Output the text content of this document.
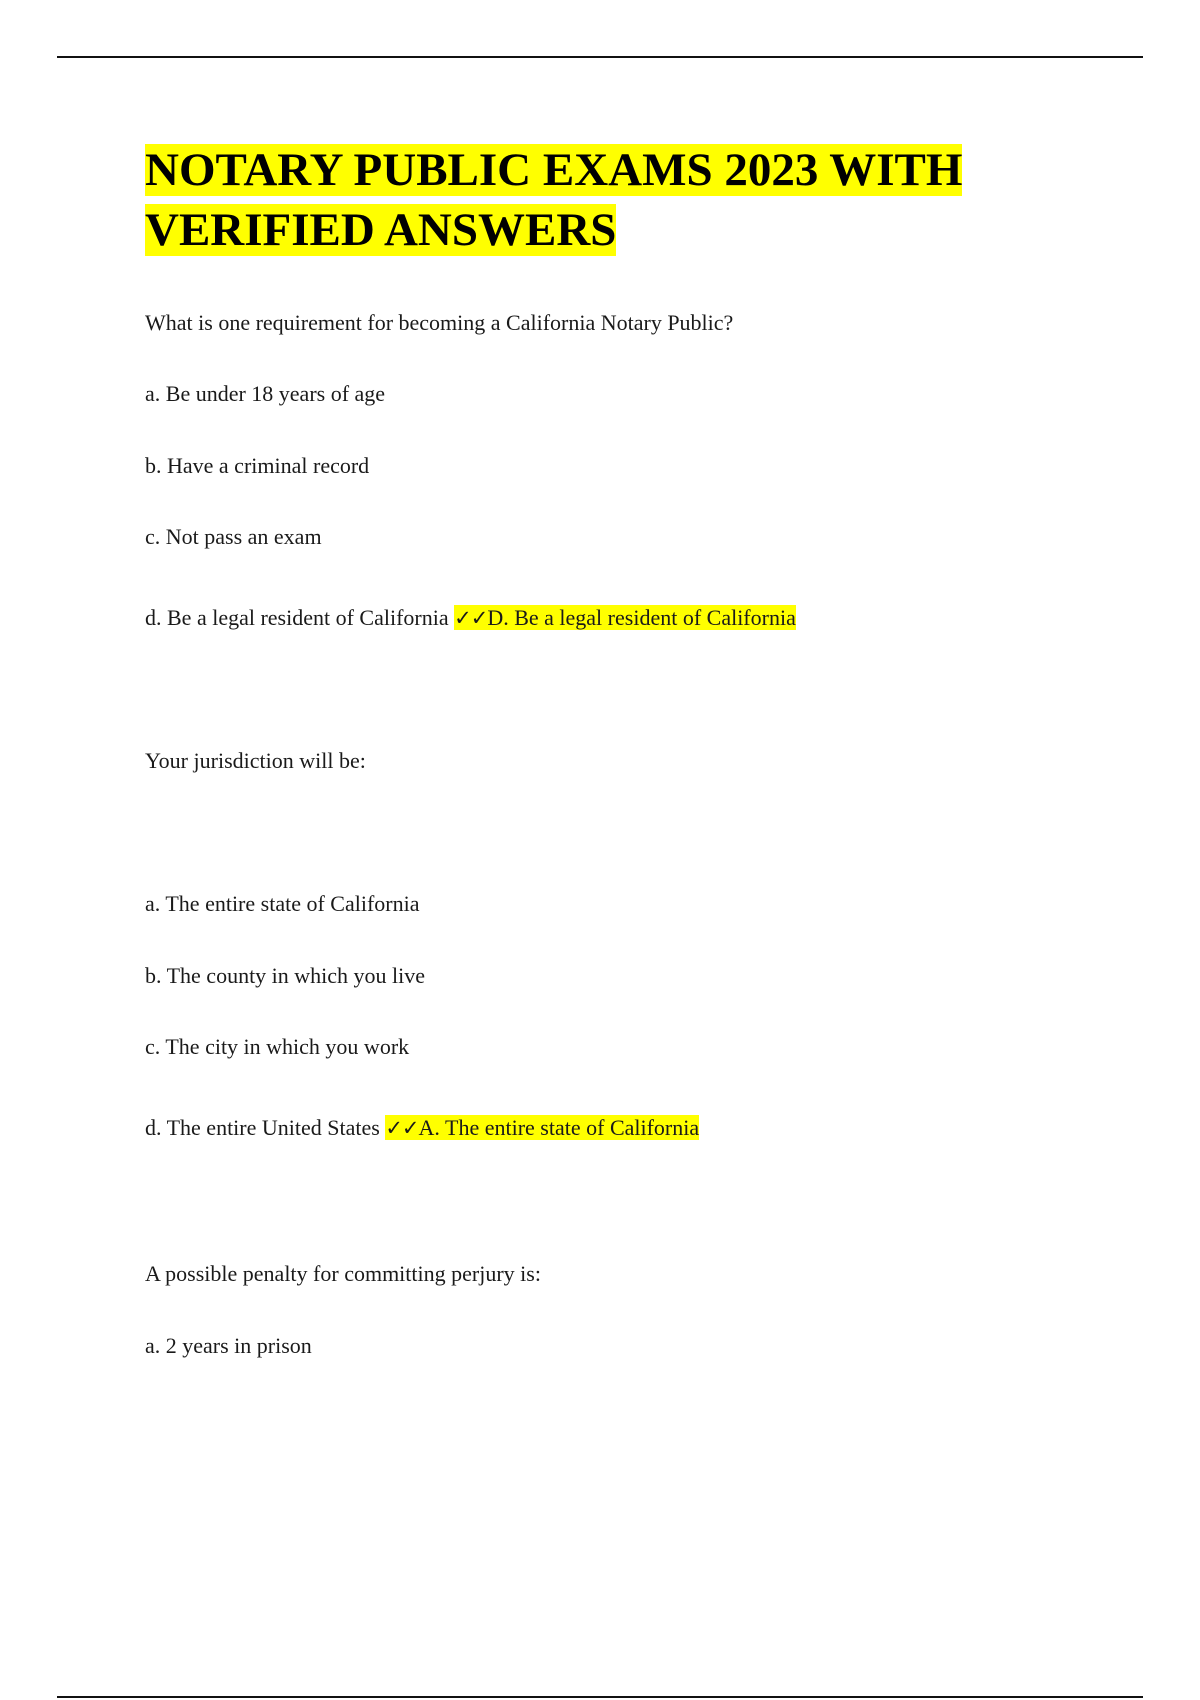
NOTARY PUBLIC EXAMS 2023 WITH VERIFIED ANSWERS

What is one requirement for becoming a California Notary Public?

a. Be under 18 years of age

b. Have a criminal record

c. Not pass an exam

d. Be a legal resident of California ✓✓D. Be a legal resident of California

Your jurisdiction will be:

a. The entire state of California

b. The county in which you live

c. The city in which you work

d. The entire United States ✓✓A. The entire state of California

A possible penalty for committing perjury is:

a. 2 years in prison
